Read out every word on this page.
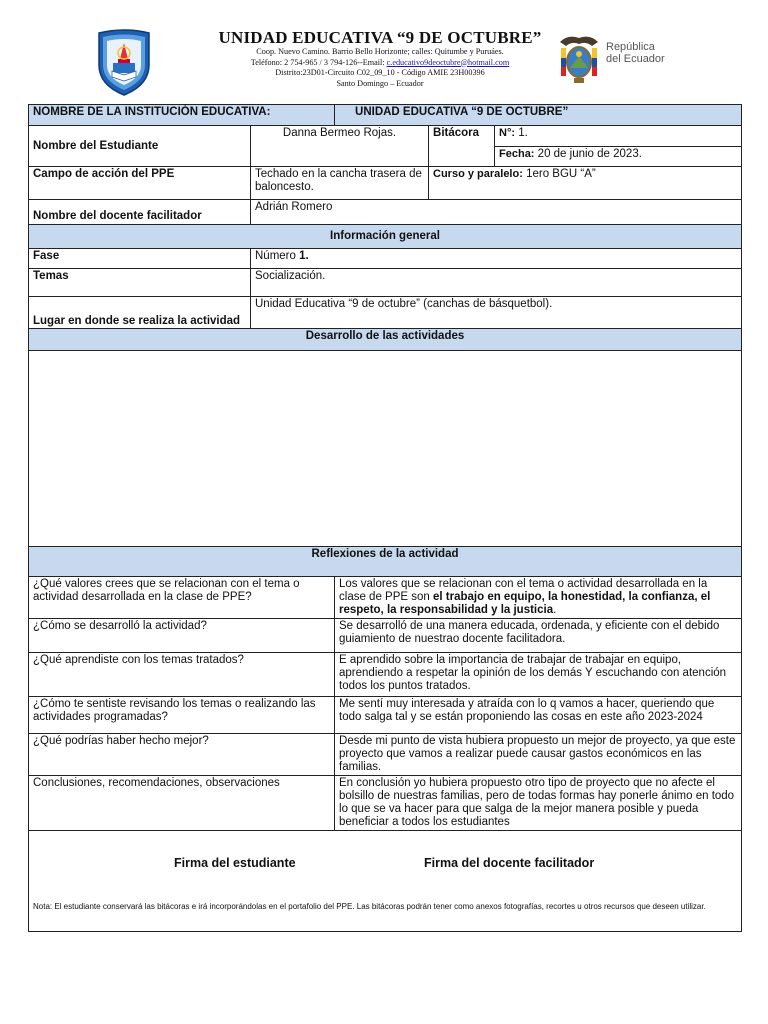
UNIDAD EDUCATIVA “9 DE OCTUBRE”
Coop. Nuevo Camino. Barrio Bello Horizonte; calles: Quitumbe y Puruáes.
Teléfono: 2 754-965 / 3 794-126--Email: c.educativo9deoctubre@hotmail.com
Distrito:23D01-Circuito C02_09_10 - Código AMIE 23H00396
Santo Domingo – Ecuador
República
del Ecuador
NOMBRE DE LA INSTITUCIÓN EDUCATIVA:		UNIDAD EDUCATIVA “9 DE OCTUBRE”		
Nombre del Estudiante	Danna Bermeo Rojas.		Bitácora	N°: 1.
				Fecha: 20 de junio de 2023.
Campo de acción del PPE	Techado en la cancha trasera de baloncesto.		Curso y paralelo: 1ero BGU “A”	
Nombre del docente facilitador	Adrián Romero			
Información general				
Fase	Número 1.			
Temas	Socialización.			
Lugar en donde se realiza la actividad	Unidad Educativa “9 de octubre” (canchas de básquetbol).			
Desarrollo de las actividades				

Reflexiones de la actividad				
¿Qué valores crees que se relacionan con el tema o actividad desarrollada en la clase de PPE?		Los valores que se relacionan con el tema o actividad desarrollada en la clase de PPE son el trabajo en equipo, la honestidad, la confianza, el respeto, la responsabilidad y la justicia.		
¿Cómo se desarrolló la actividad?		Se desarrolló de una manera educada, ordenada, y eficiente con el debido guiamiento de nuestrao docente facilitadora.		
¿Qué aprendiste con los temas tratados?		E aprendido sobre la importancia de trabajar de trabajar en equipo, aprendiendo a respetar la opinión de los demás Y escuchando con atención todos los puntos tratados.		
¿Cómo te sentiste revisando los temas o realizando las actividades programadas?		Me sentí muy interesada y atraída con lo q vamos a hacer, queriendo que todo salga tal y se están proponiendo las cosas en este año 2023-2024		
¿Qué podrías haber hecho mejor?		Desde mi punto de vista hubiera propuesto un mejor de proyecto, ya que este proyecto que vamos a realizar puede causar gastos económicos en las familias.		
Conclusiones, recomendaciones, observaciones		En conclusión yo hubiera propuesto otro tipo de proyecto que no afecte el bolsillo de nuestras familias, pero de todas formas hay ponerle ánimo en todo lo que se va hacer para que salga de la mejor manera posible y pueda beneficiar a todos los estudiantes		

Firma del estudiante Firma del docente facilitador
Nota: El estudiante conservará las bitácoras e irá incorporándolas en el portafolio del PPE. Las bitácoras podrán tener como anexos fotografías, recortes u otros recursos que deseen utilizar.				
